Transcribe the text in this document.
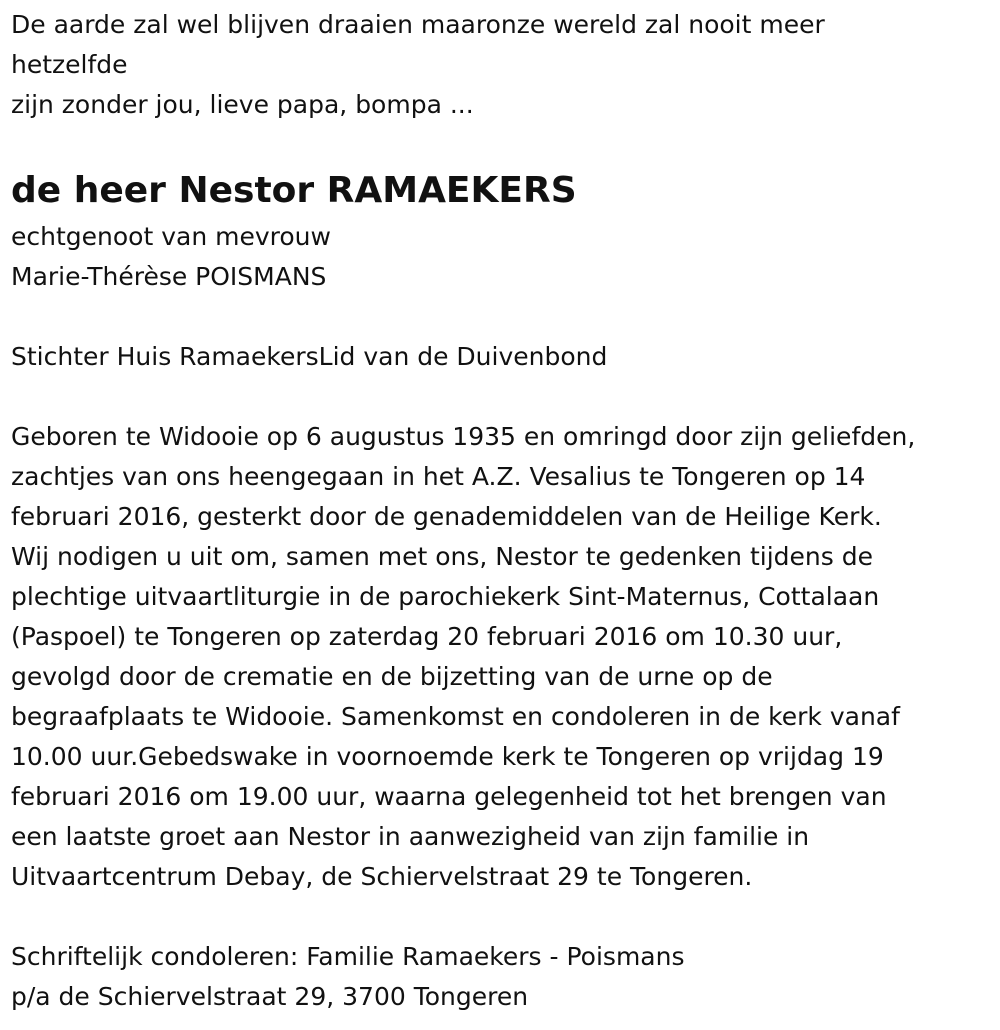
De aarde zal wel blijven draaien maaronze wereld zal nooit meer

hetzelfde

zijn zonder jou, lieve papa, bompa ...

de heer Nestor RAMAEKERS

echtgenoot van mevrouw

Marie-Thérèse POISMANS

Stichter Huis RamaekersLid van de Duivenbond

Geboren te Widooie op 6 augustus 1935 en omringd door zijn geliefden,

zachtjes van ons heengegaan in het A.Z. Vesalius te Tongeren op 14

februari 2016, gesterkt door de genademiddelen van de Heilige Kerk.

Wij nodigen u uit om, samen met ons, Nestor te gedenken tijdens de

plechtige uitvaartliturgie in de parochiekerk Sint-Maternus, Cottalaan

(Paspoel) te Tongeren op zaterdag 20 februari 2016 om 10.30 uur,

gevolgd door de crematie en de bijzetting van de urne op de

begraafplaats te Widooie. Samenkomst en condoleren in de kerk vanaf

10.00 uur.Gebedswake in voornoemde kerk te Tongeren op vrijdag 19

februari 2016 om 19.00 uur, waarna gelegenheid tot het brengen van

een laatste groet aan Nestor in aanwezigheid van zijn familie in

Uitvaartcentrum Debay, de Schiervelstraat 29 te Tongeren.

Schriftelijk condoleren: Familie Ramaekers - Poismans

p/a de Schiervelstraat 29, 3700 Tongeren
